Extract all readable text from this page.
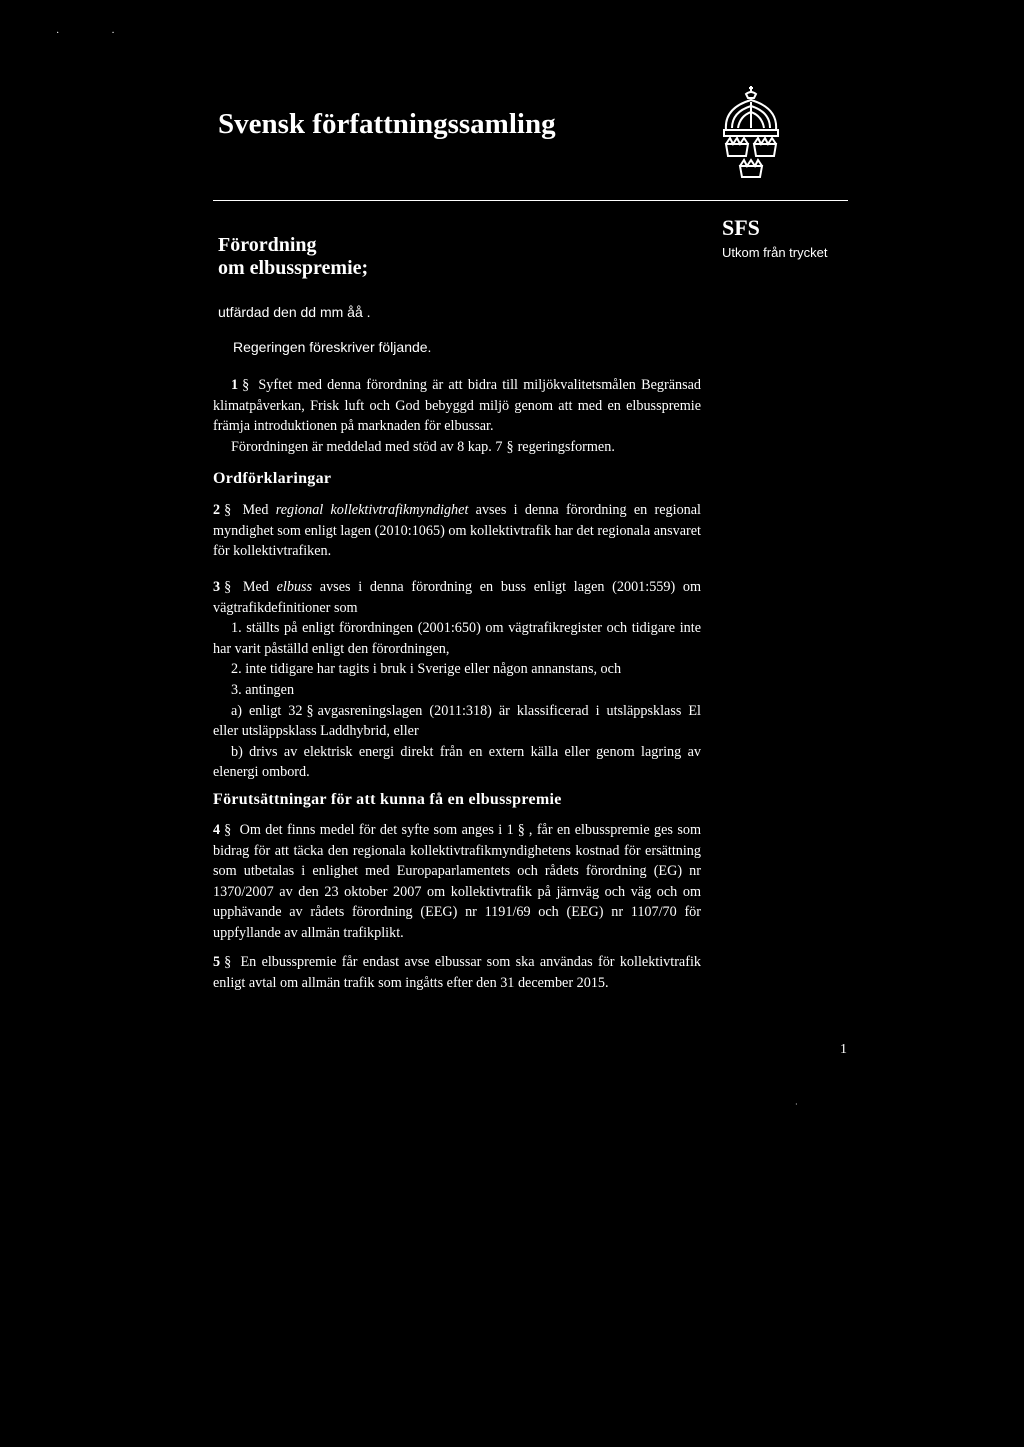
··
Svensk författningssamling
SFS
Utkom från trycket
Förordning
om elbusspremie;
utfärdad den dd mm åå .
Regeringen föreskriver följande.

1 § Syftet med denna förordning är att bidra till miljökvalitetsmålen Begränsad klimatpåverkan, Frisk luft och God bebyggd miljö genom att med en elbusspremie främja introduktionen på marknaden för elbussar.

Förordningen är meddelad med stöd av 8 kap. 7 § regeringsformen.

Ordförklaringar

2 § Med regional kollektivtrafikmyndighet avses i denna förordning en regional myndighet som enligt lagen (2010:1065) om kollektivtrafik har det regionala ansvaret för kollektivtrafiken.

3 § Med elbuss avses i denna förordning en buss enligt lagen (2001:559) om vägtrafikdefinitioner som

1. ställts på enligt förordningen (2001:650) om vägtrafikregister och tidigare inte har varit påställd enligt den förordningen,

2. inte tidigare har tagits i bruk i Sverige eller någon annanstans, och

3. antingen

a) enligt 32 § avgasreningslagen (2011:318) är klassificerad i utsläppsklass El eller utsläppsklass Laddhybrid, eller

b) drivs av elektrisk energi direkt från en extern källa eller genom lagring av elenergi ombord.

Förutsättningar för att kunna få en elbusspremie

4 § Om det finns medel för det syfte som anges i 1 § , får en elbusspremie ges som bidrag för att täcka den regionala kollektivtrafikmyndighetens kostnad för ersättning som utbetalas i enlighet med Europaparlamentets och rådets förordning (EG) nr 1370/2007 av den 23 oktober 2007 om kollektivtrafik på järnväg och väg och om upphävande av rådets förordning (EEG) nr 1191/69 och (EEG) nr 1107/70 för uppfyllande av allmän trafikplikt.

5 § En elbusspremie får endast avse elbussar som ska användas för kollektivtrafik enligt avtal om allmän trafik som ingåtts efter den 31 december 2015.

1
·
